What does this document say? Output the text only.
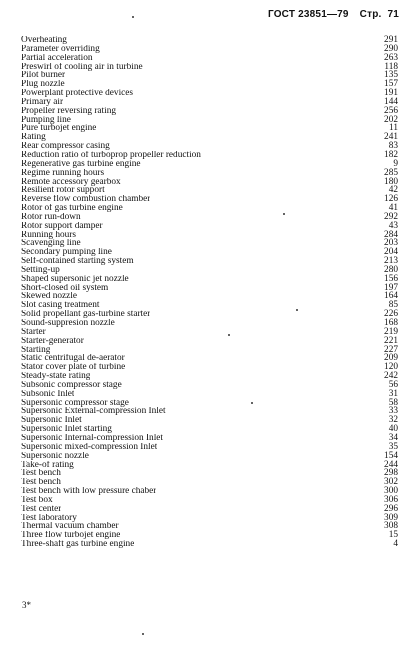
ГОСТ 23851—79 Стр. 71
Overheating	291
Parameter overriding	290
Partial acceleration	263
Preswirl of cooling air in turbine	118
Pilot burner	135
Plug nozzle	157
Powerplant protective devices	191
Primary air	144
Propeller reversing rating	256
Pumping line	202
Pure turbojet engine	11
Rating	241
Rear compressor casing	83
Reduction ratio of turboprop propeller reduction	182
Regenerative gas turbine engine	9
Regime running hours	285
Remote accessory gearbox	180
Resilient rotor support	42
Reverse flow combustion chamber	126
Rotor of gas turbine engine	41
Rotor run-down	292
Rotor support damper	43
Running hours	284
Scavenging line	203
Secondary pumping line	204
Self-contained starting system	213
Setting-up	280
Shaped supersonic jet nozzle	156
Short-closed oil system	197
Skewed nozzle	164
Slot casing treatment	85
Solid propellant gas-turbine starter	226
Sound-suppresion nozzle	168
Starter	219
Starter-generator	221
Starting	227
Static centrifugal de-aerator	209
Stator cover plate of turbine	120
Steady-state rating	242
Subsonic compressor stage	56
Subsonic Inlet	31
Supersonic compressor stage	58
Supersonic External-compression Inlet	33
Supersonic Inlet	32
Supersonic Inlet starting	40
Supersonic Internal-compression Inlet	34
Supersonic mixed-compression Inlet	35
Supersonic nozzle	154
Take-of rating	244
Test bench	298
Test bench	302
Test bench with low pressure chaber	300
Test box	306
Test center	296
Test laboratory	309
Thermal vacuum chamber	308
Three flow turbojet engine	15
Three-shaft gas turbine engine	4
3*
